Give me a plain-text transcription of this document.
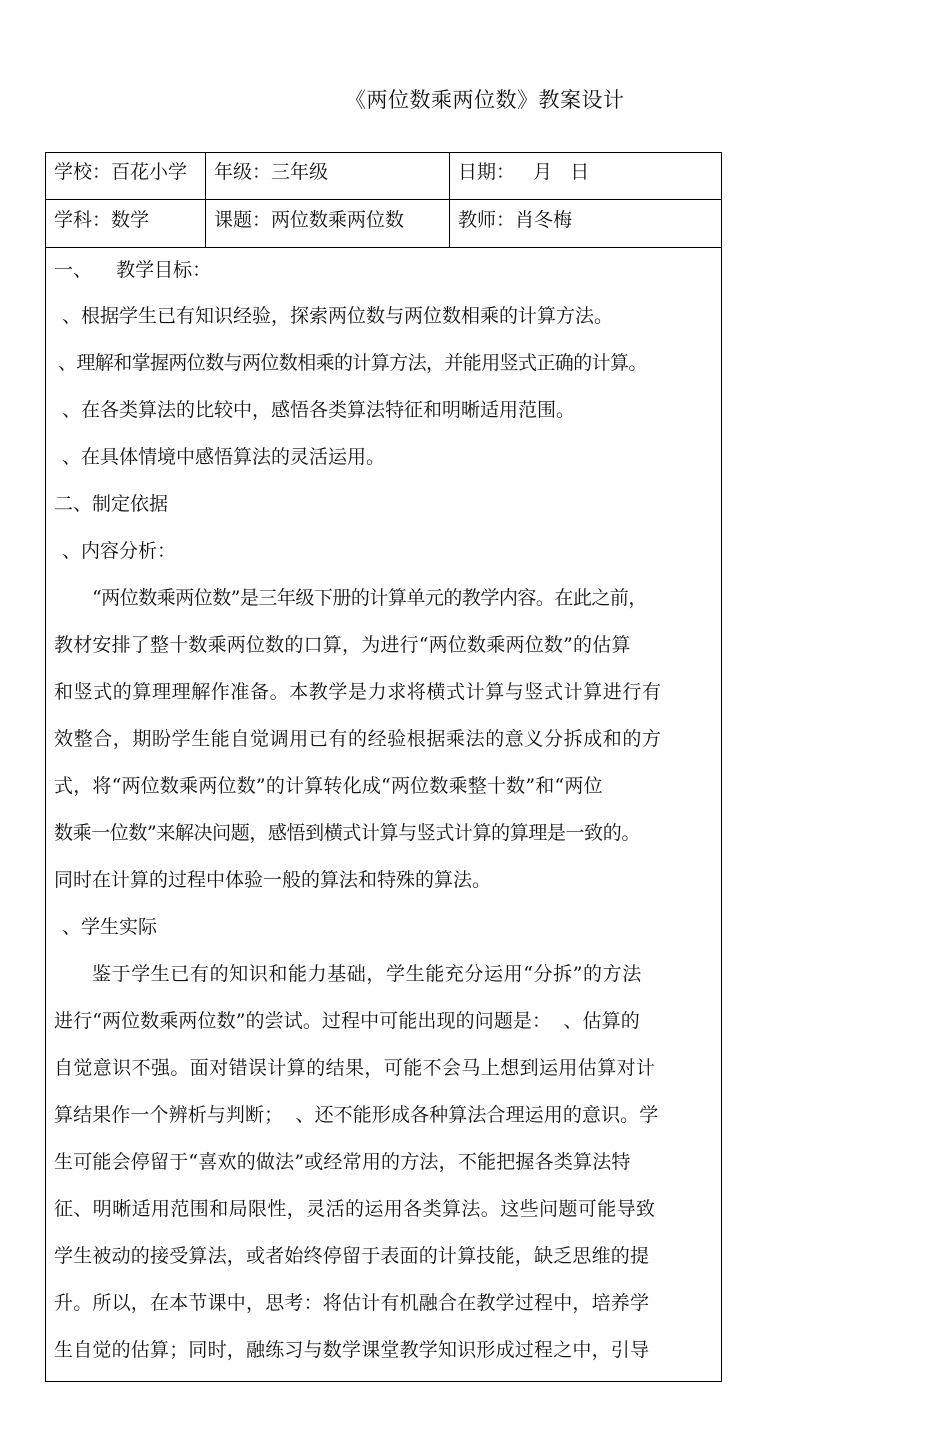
《两位数乘两位数》教案设计
学校：百花小学 年级：三年级	日期：   月   日
学科：数学	课题：两位数乘两位数	教师：肖冬梅
一、    教学目标：
、根据学生已有知识经验，探索两位数与两位数相乘的计算方法。
、理解和掌握两位数与两位数相乘的计算方法，并能用竖式正确的计算。
、在各类算法的比较中，感悟各类算法特征和明晰适用范围。
、在具体情境中感悟算法的灵活运用。
二、制定依据
、内容分析：
“两位数乘两位数”是三年级下册的计算单元的教学内容。在此之前，
教材安排了整十数乘两位数的口算，为进行“两位数乘两位数”的估算
和竖式的算理理解作准备。本教学是力求将横式计算与竖式计算进行有
效整合，期盼学生能自觉调用已有的经验根据乘法的意义分拆成和的方
式，将“两位数乘两位数”的计算转化成“两位数乘整十数”和“两位
数乘一位数”来解决问题，感悟到横式计算与竖式计算的算理是一致的。
同时在计算的过程中体验一般的算法和特殊的算法。
、学生实际
鉴于学生已有的知识和能力基础，学生能充分运用“分拆”的方法
进行“两位数乘两位数”的尝试。过程中可能出现的问题是：  、估算的
自觉意识不强。面对错误计算的结果，可能不会马上想到运用估算对计
算结果作一个辨析与判断；  、还不能形成各种算法合理运用的意识。学
生可能会停留于“喜欢的做法”或经常用的方法，不能把握各类算法特
征、明晰适用范围和局限性，灵活的运用各类算法。这些问题可能导致
学生被动的接受算法，或者始终停留于表面的计算技能，缺乏思维的提
升。所以，在本节课中，思考：将估计有机融合在教学过程中，培养学
生自觉的估算；同时，融练习与数学课堂教学知识形成过程之中，引导
